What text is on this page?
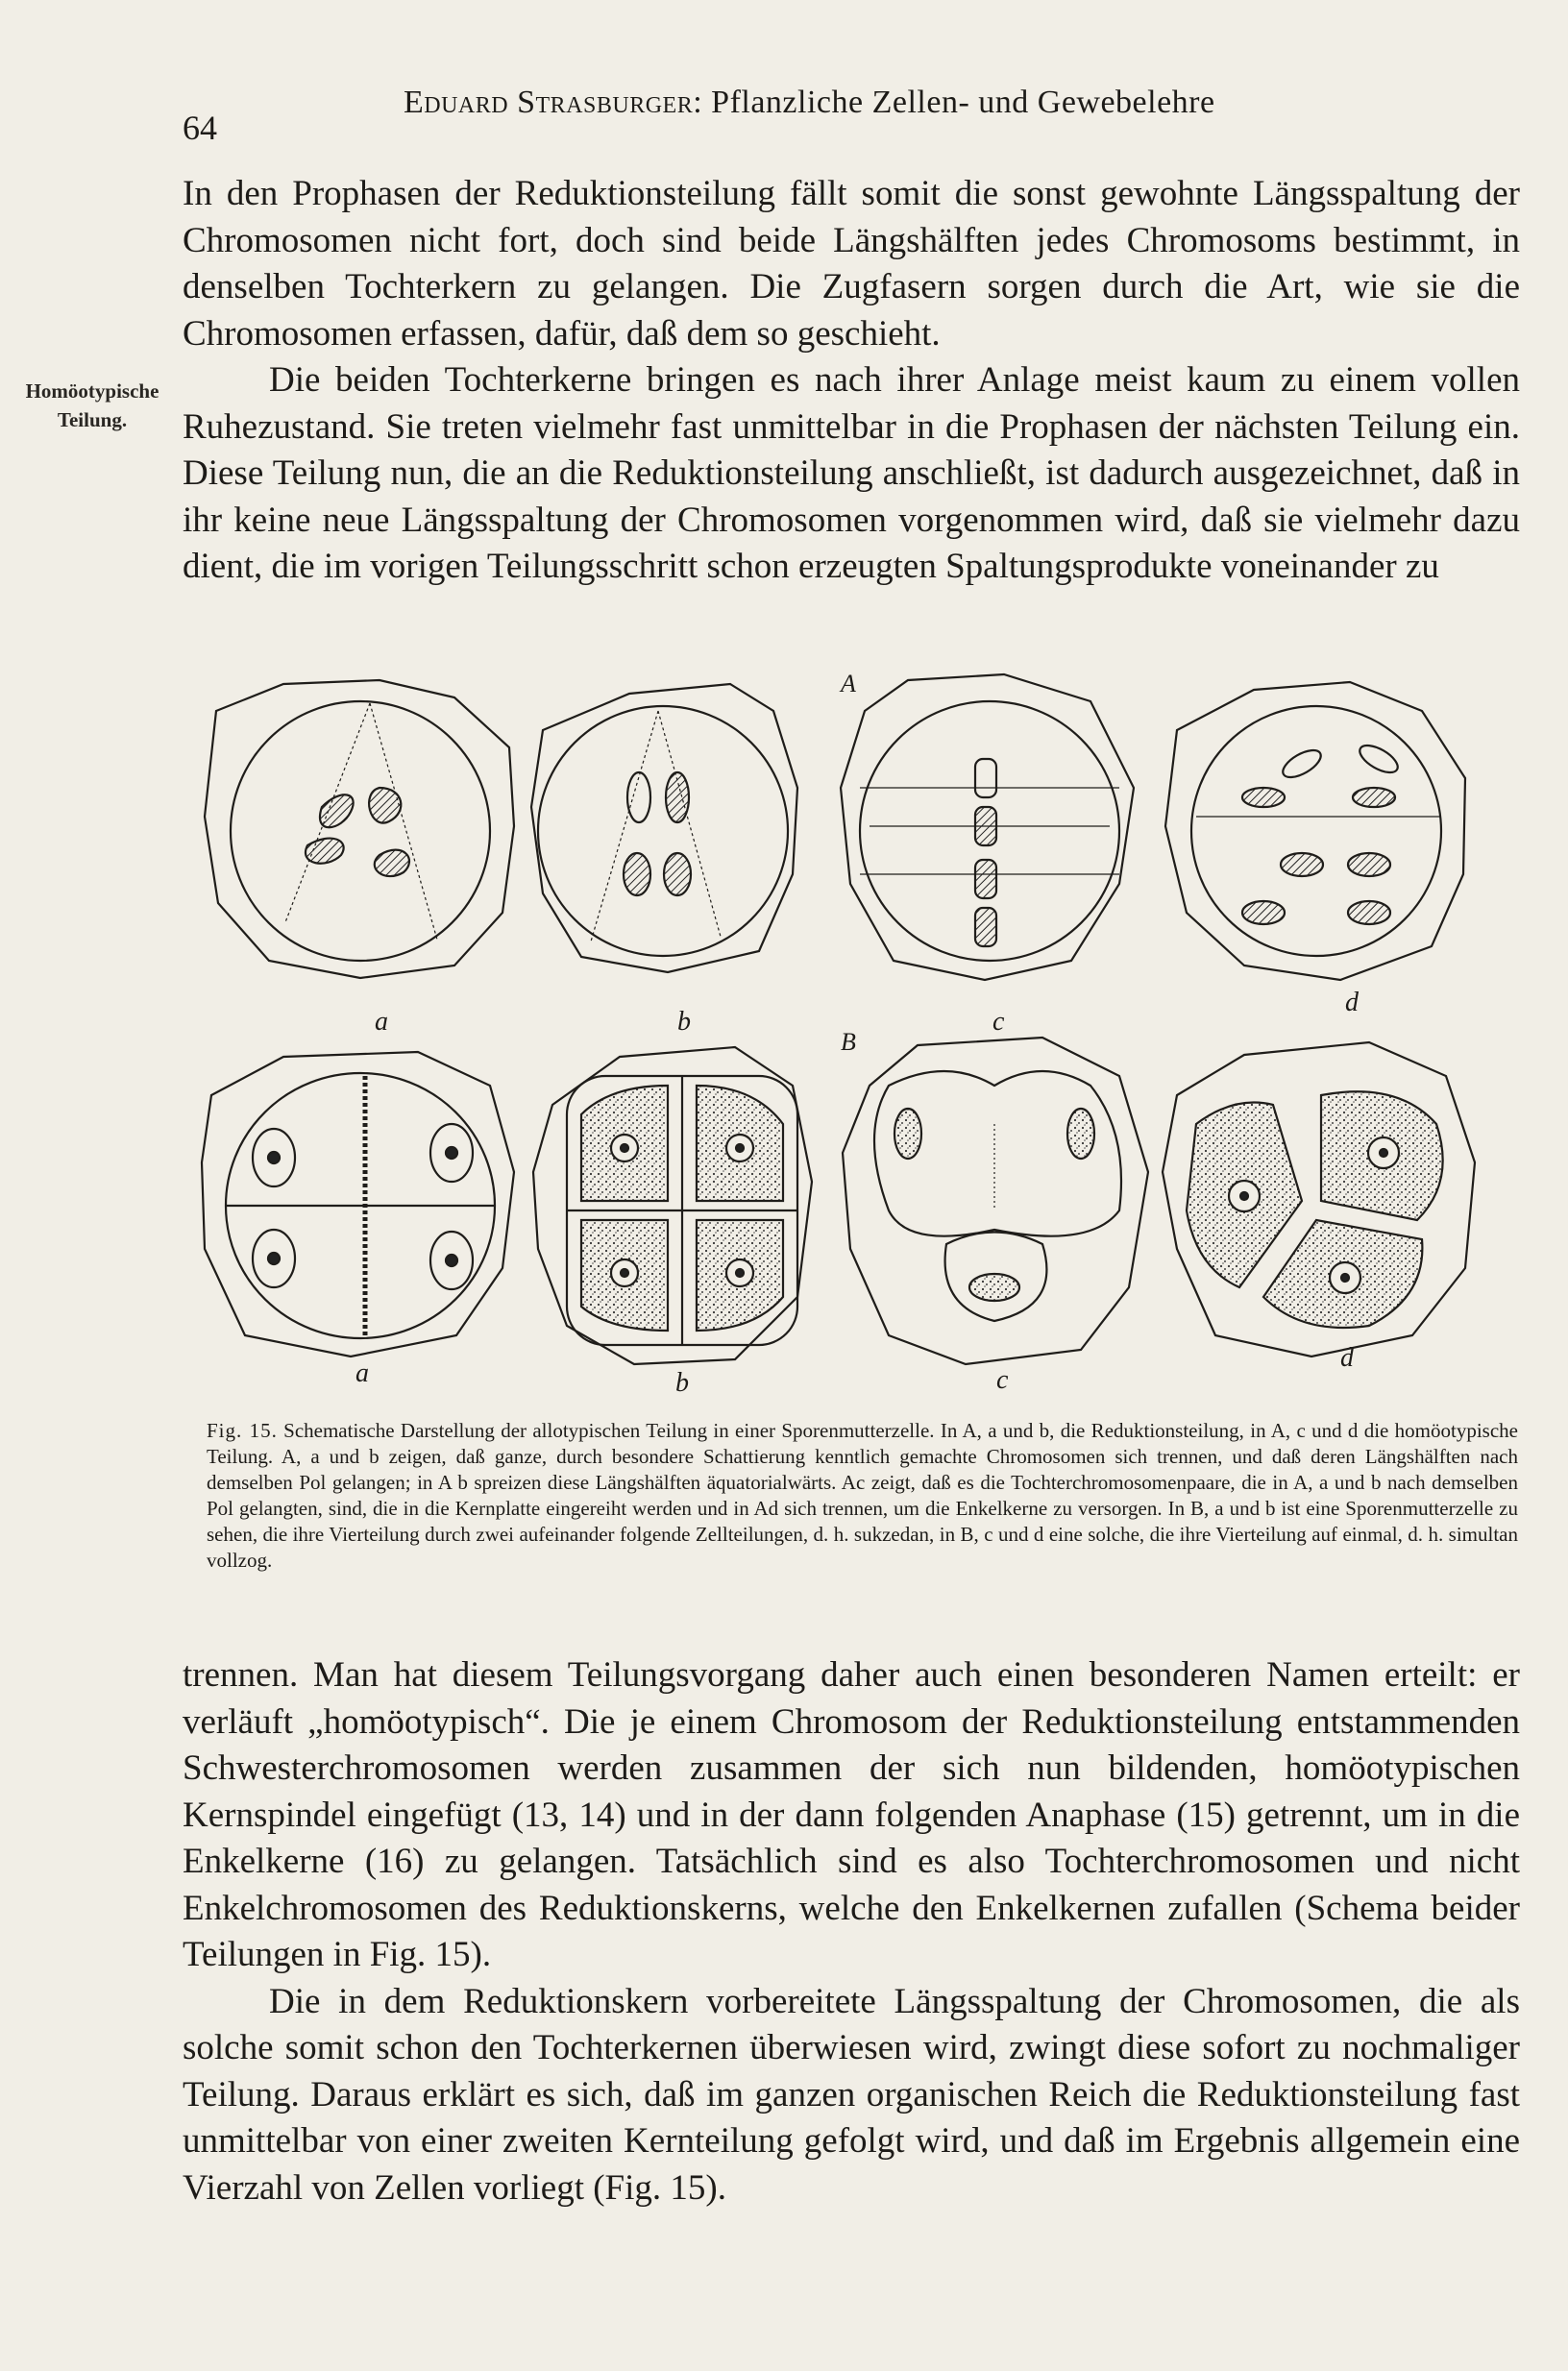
64
Eduard Strasburger: Pflanzliche Zellen- und Gewebelehre
Homöotypische
Teilung.

In den Prophasen der Reduktionsteilung fällt somit die sonst gewohnte Längsspaltung der Chromosomen nicht fort, doch sind beide Längshälften jedes Chromosoms bestimmt, in denselben Tochterkern zu gelangen. Die Zugfasern sorgen durch die Art, wie sie die Chromosomen erfassen, dafür, daß dem so geschieht.

Die beiden Tochterkerne bringen es nach ihrer Anlage meist kaum zu einem vollen Ruhezustand. Sie treten vielmehr fast unmittelbar in die Prophasen der nächsten Teilung ein. Diese Teilung nun, die an die Reduktionsteilung anschließt, ist dadurch ausgezeichnet, daß in ihr keine neue Längsspaltung der Chromosomen vorgenommen wird, daß sie vielmehr dazu dient, die im vorigen Teilungsschritt schon erzeugten Spaltungsprodukte voneinander zu

A
B
a	b	c
d
a	b	c
d

Fig. 15. Schematische Darstellung der allotypischen Teilung in einer Sporenmutterzelle. In A, a und b, die Reduktionsteilung, in A, c und d die homöotypische Teilung. A, a und b zeigen, daß ganze, durch besondere Schattierung kenntlich gemachte Chromosomen sich trennen, und daß deren Längshälften nach demselben Pol gelangen; in A b spreizen diese Längshälften äquatorialwärts. Ac zeigt, daß es die Tochterchromosomenpaare, die in A, a und b nach demselben Pol gelangten, sind, die in die Kernplatte eingereiht werden und in Ad sich trennen, um die Enkelkerne zu versorgen. In B, a und b ist eine Sporenmutterzelle zu sehen, die ihre Vierteilung durch zwei aufeinander folgende Zellteilungen, d. h. sukzedan, in B, c und d eine solche, die ihre Vierteilung auf einmal, d. h. simultan vollzog.

trennen. Man hat diesem Teilungsvorgang daher auch einen besonderen Namen erteilt: er verläuft „homöotypisch“. Die je einem Chromosom der Reduktionsteilung entstammenden Schwesterchromosomen werden zusammen der sich nun bildenden, homöotypischen Kernspindel eingefügt (13, 14) und in der dann folgenden Anaphase (15) getrennt, um in die Enkelkerne (16) zu gelangen. Tatsächlich sind es also Tochterchromosomen und nicht Enkelchromosomen des Reduktionskerns, welche den Enkelkernen zufallen (Schema beider Teilungen in Fig. 15).

Die in dem Reduktionskern vorbereitete Längsspaltung der Chromosomen, die als solche somit schon den Tochterkernen überwiesen wird, zwingt diese sofort zu nochmaliger Teilung. Daraus erklärt es sich, daß im ganzen organischen Reich die Reduktionsteilung fast unmittelbar von einer zweiten Kernteilung gefolgt wird, und daß im Ergebnis allgemein eine Vierzahl von Zellen vorliegt (Fig. 15).
